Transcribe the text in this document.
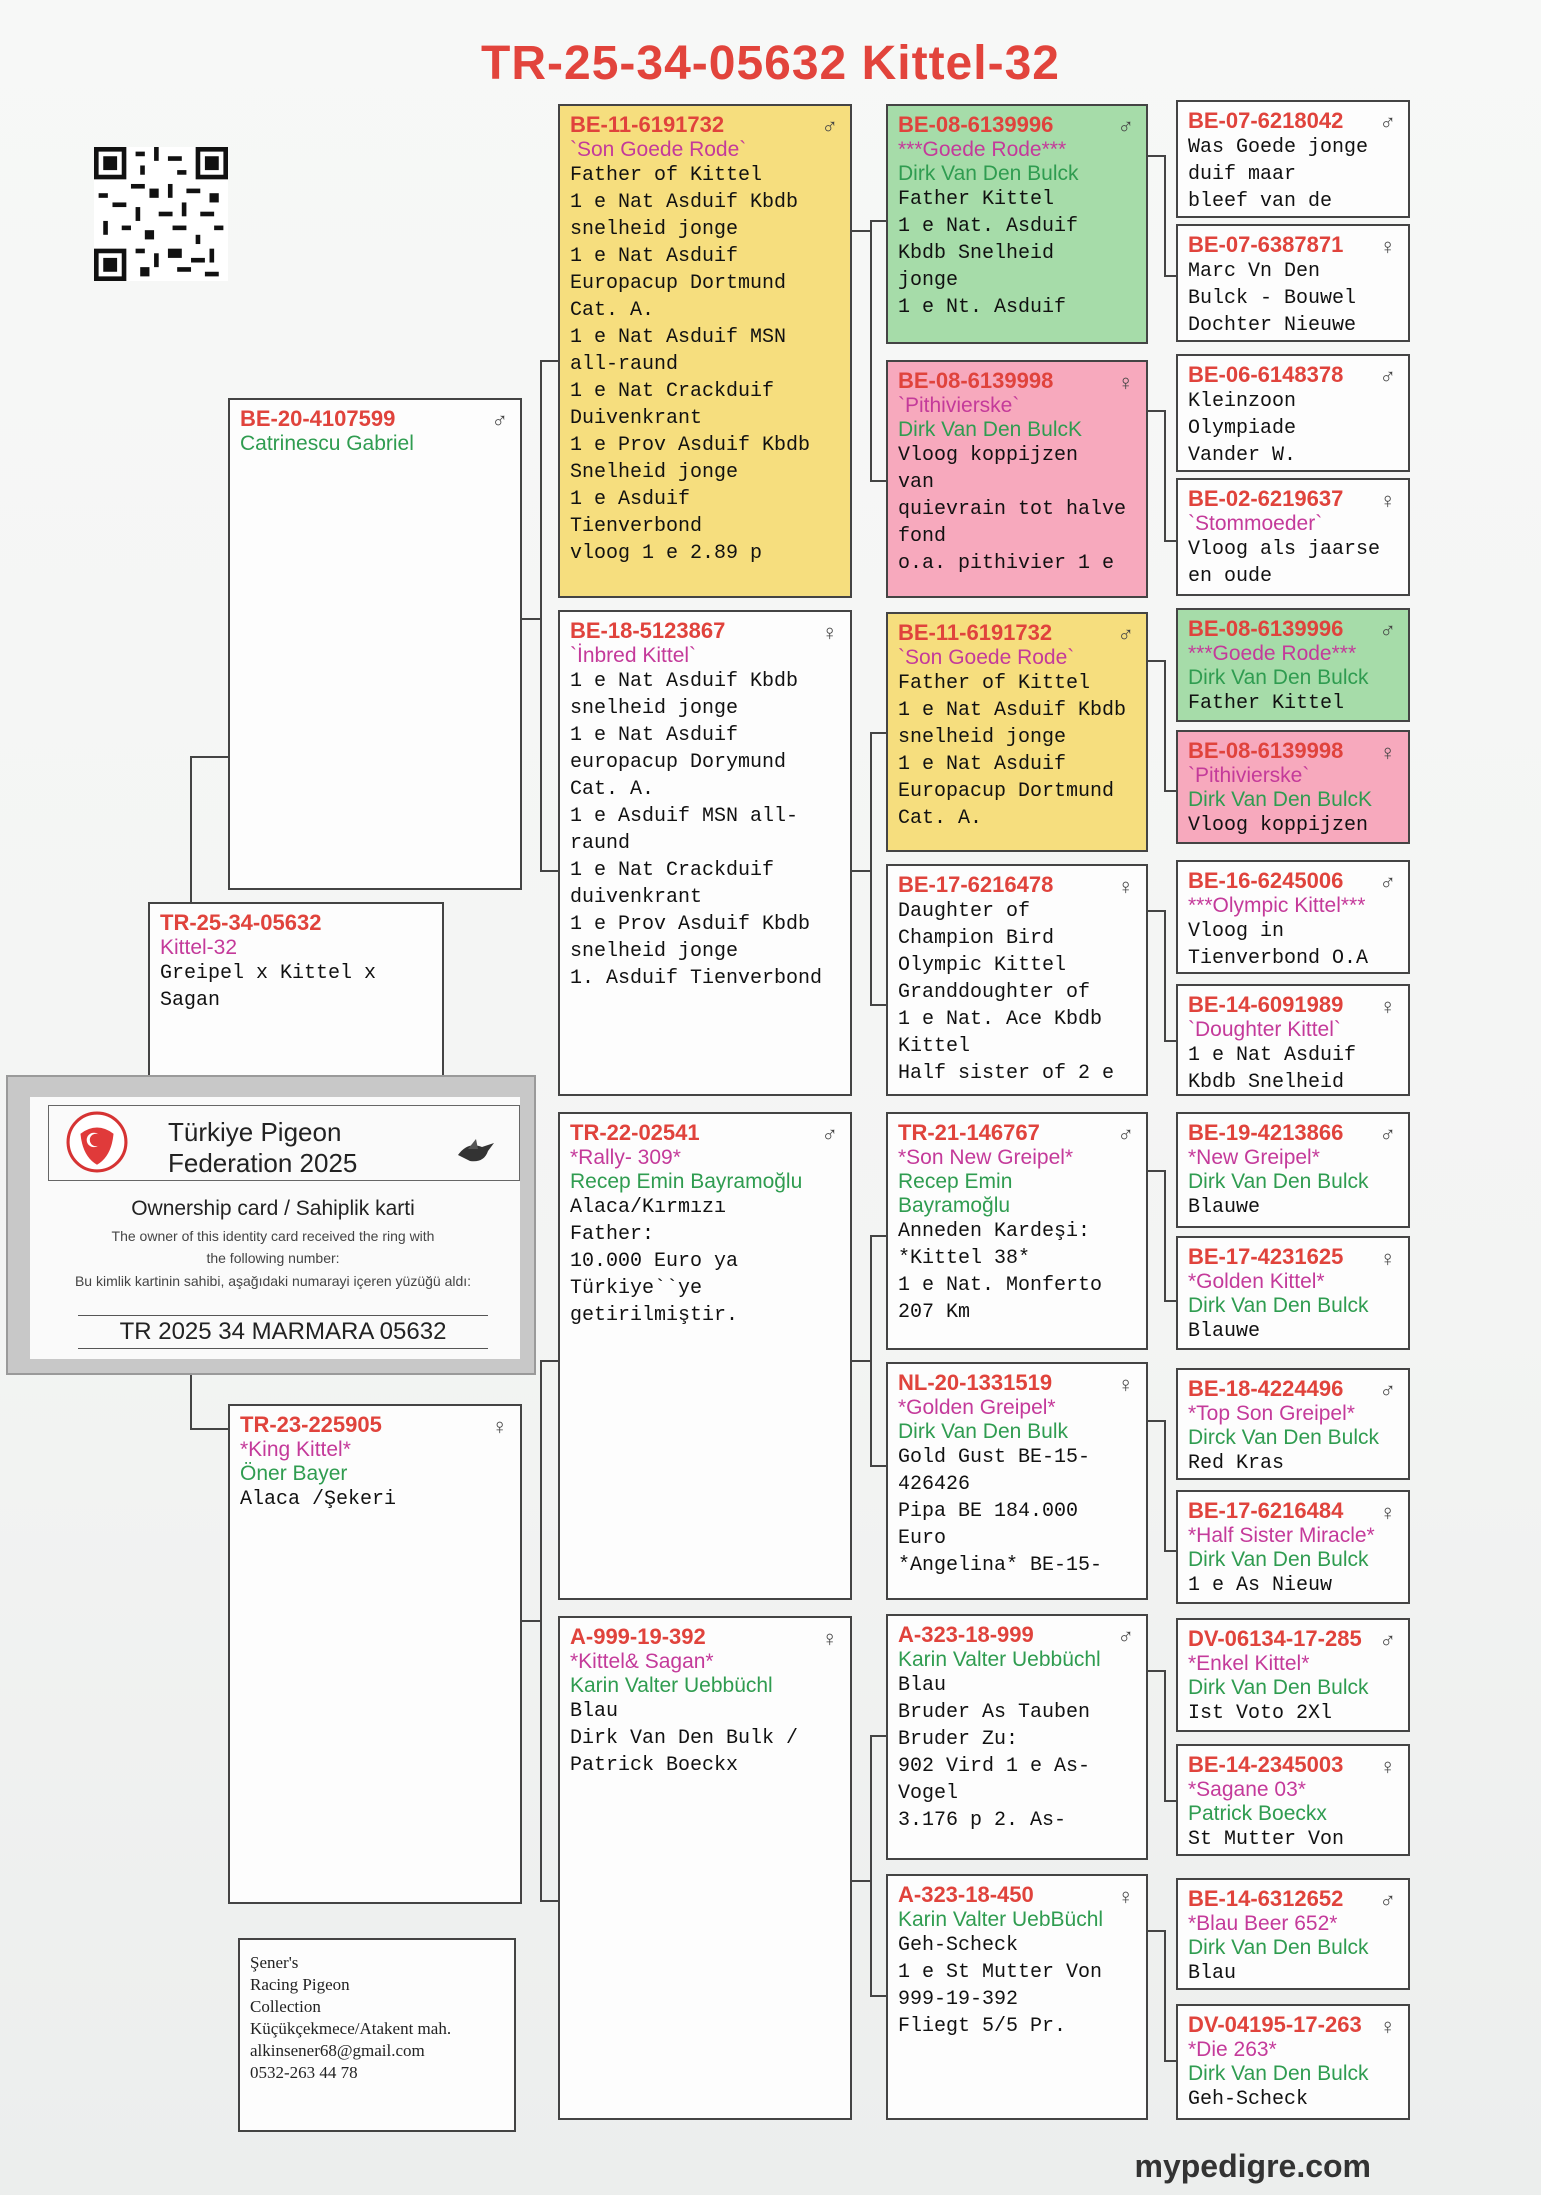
TR-25-34-05632 Kittel-32
BE-20-4107599	♂
Catrinescu Gabriel
TR-23-225905	♀
*King Kittel*
Öner Bayer
Alaca /Şekeri
TR-25-34-05632
Kittel-32
Greipel x Kittel x
Sagan
Türkiye Pigeon
Federation 2025
Ownership card / Sahiplik karti
The owner of this identity card received the ring with
the following number:
Bu kimlik kartinin sahibi, aşağıdaki numarayi içeren yüzüğü aldı:
TR 2025 34 MARMARA 05632
BE-11-6191732	♂
`Son Goede Rode`
Father of Kittel
1 e Nat Asduif Kbdb
snelheid jonge
1 e Nat Asduif
Europacup Dortmund
Cat. A.
1 e Nat Asduif MSN
all-raund
1 e Nat Crackduif
Duivenkrant
1 e Prov Asduif Kbdb
Snelheid jonge
1 e Asduif
Tienverbond
vloog 1 e 2.89 p
BE-18-5123867	♀
`İnbred Kittel`
1 e Nat Asduif Kbdb
snelheid jonge
1 e Nat Asduif
europacup Dorymund
Cat. A.
1 e Asduif MSN all-
raund
1 e Nat Crackduif
duivenkrant
1 e Prov Asduif Kbdb
snelheid jonge
1. Asduif Tienverbond
TR-22-02541	♂
*Rally- 309*
Recep Emin Bayramoğlu
Alaca/Kırmızı
Father:
10.000 Euro ya
Türkiye``ye
getirilmiştir.
A-999-19-392	♀
*Kittel& Sagan*
Karin Valter Uebbüchl
Blau
Dirk Van Den Bulk /
Patrick Boeckx
BE-08-6139996	♂
***Goede Rode***
Dirk Van Den Bulck
Father Kittel
1 e Nat. Asduif
Kbdb Snelheid
jonge
1 e Nt. Asduif
BE-08-6139998	♀
`Pithivierske`
Dirk Van Den BulcK
Vloog koppijzen
van
quievrain tot halve
fond
o.a. pithivier 1 e
BE-11-6191732	♂
`Son Goede Rode`
Father of Kittel
1 e Nat Asduif Kbdb
snelheid jonge
1 e Nat Asduif
Europacup Dortmund
Cat. A.
BE-17-6216478	♀
Daughter of
Champion Bird
Olympic Kittel
Granddoughter of
1 e Nat. Ace Kbdb
Kittel
Half sister of 2 e
TR-21-146767	♂
*Son New Greipel*
Recep Emin
Bayramoğlu
Anneden Kardeşi:
*Kittel 38*
1 e Nat. Monferto
207 Km
NL-20-1331519	♀
*Golden Greipel*
Dirk Van Den Bulk
Gold Gust BE-15-
426426
Pipa BE 184.000
Euro
*Angelina* BE-15-
A-323-18-999	♂
Karin Valter Uebbüchl
Blau
Bruder As Tauben
Bruder Zu:
902 Vird 1 e As-
Vogel
3.176 p 2. As-
A-323-18-450	♀
Karin Valter UebBüchl
Geh-Scheck
1 e St Mutter Von
999-19-392
Fliegt 5/5 Pr.
BE-07-6218042	♂
Was Goede jonge
duif maar
bleef van de
BE-07-6387871	♀
Marc Vn Den
Bulck - Bouwel
Dochter Nieuwe
BE-06-6148378	♂
Kleinzoon
Olympiade
Vander W.
BE-02-6219637	♀
`Stommoeder`
Vloog als jaarse
en oude
BE-08-6139996	♂
***Goede Rode***
Dirk Van Den Bulck
Father Kittel
BE-08-6139998	♀
`Pithivierske`
Dirk Van Den BulcK
Vloog koppijzen
BE-16-6245006	♂
***Olympic Kittel***
Vloog in
Tienverbond O.A
BE-14-6091989	♀
`Doughter Kittel`
1 e Nat Asduif
Kbdb Snelheid
BE-19-4213866	♂
*New Greipel*
Dirk Van Den Bulck
Blauwe
BE-17-4231625	♀
*Golden Kittel*
Dirk Van Den Bulck
Blauwe
BE-18-4224496	♂
*Top Son Greipel*
Dirck Van Den Bulck
Red Kras
BE-17-6216484	♀
*Half Sister Miracle*
Dirk Van Den Bulck
1 e As Nieuw
DV-06134-17-285 ♂
*Enkel Kittel*
Dirk Van Den Bulck
Ist Voto 2Xl
BE-14-2345003	♀
*Sagane 03*
Patrick Boeckx
St Mutter Von
BE-14-6312652	♂
*Blau Beer 652*
Dirk Van Den Bulck
Blau
DV-04195-17-263 ♀
*Die 263*
Dirk Van Den Bulck
Geh-Scheck
Şener's
Racing Pigeon
Collection
Küçükçekmece/Atakent mah.
alkinsener68@gmail.com
0532-263 44 78
mypedigre.com
